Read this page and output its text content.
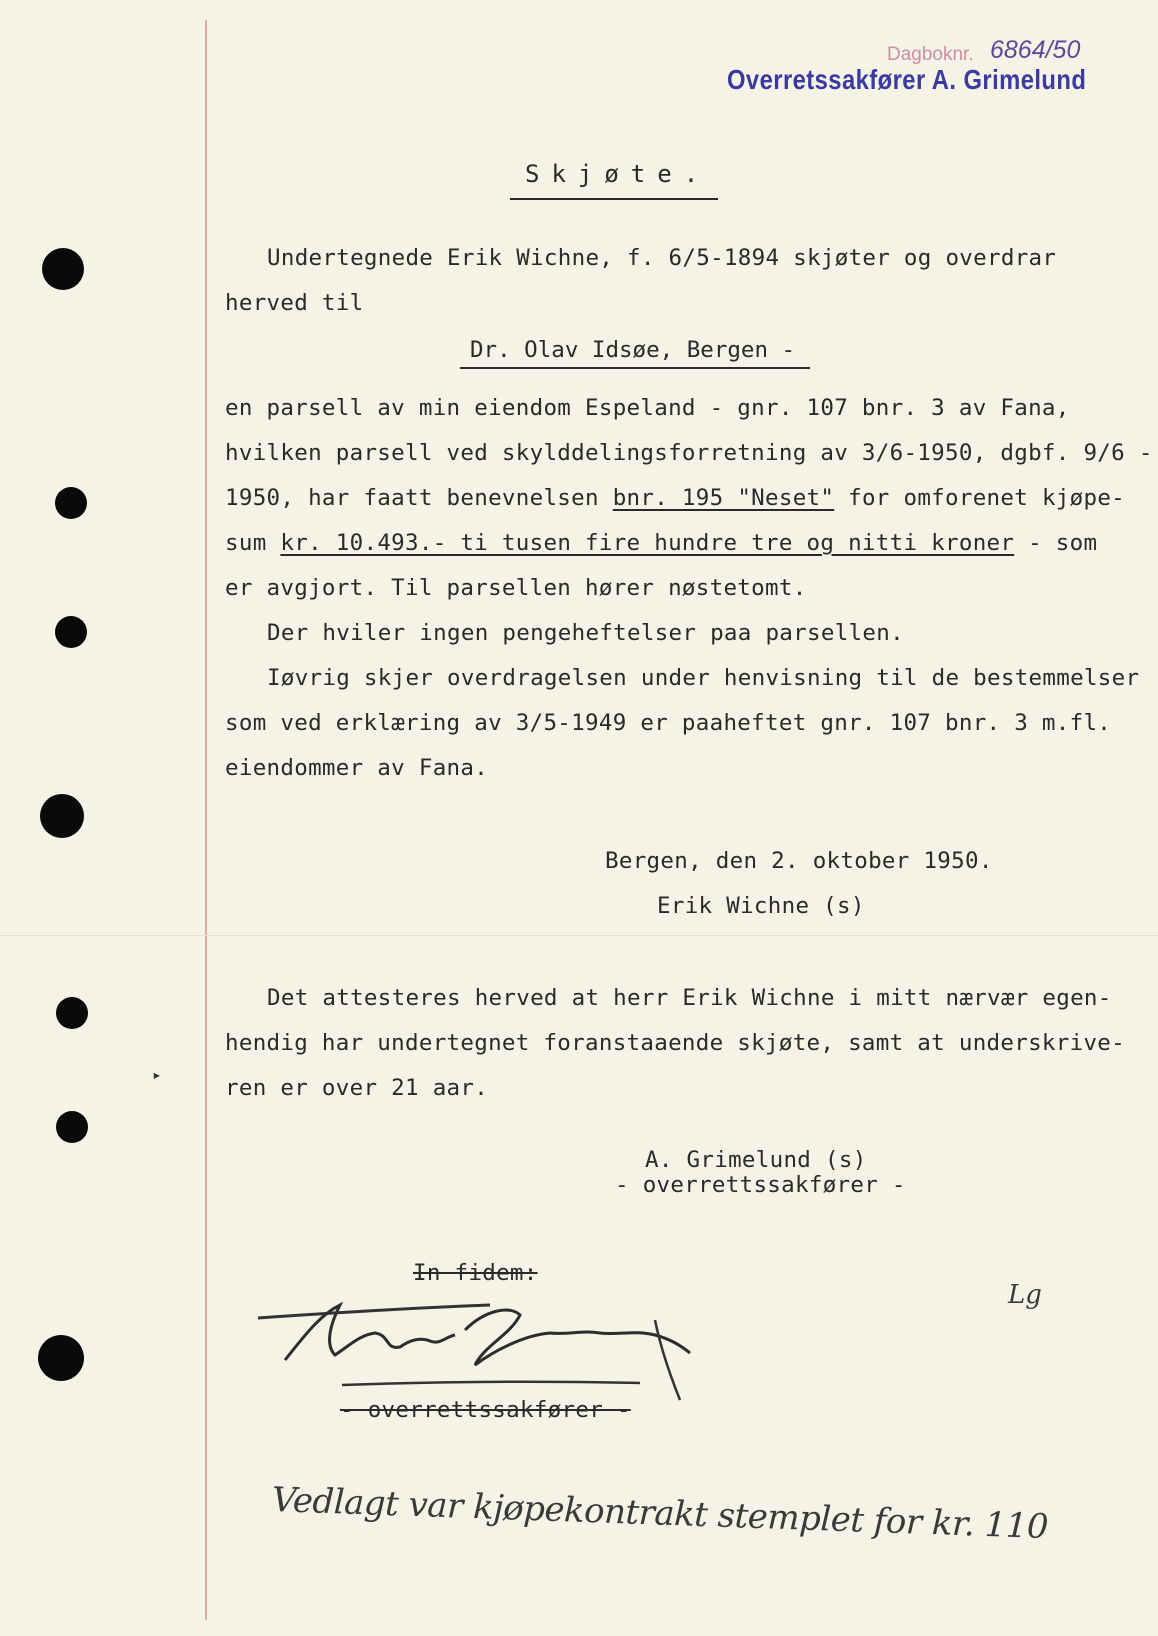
▸
Dagboknr. 6864/50
Overretssakfører A. Grimelund
Skjøte.
Undertegnede Erik Wichne, f. 6/5-1894 skjøter og overdrar
herved til
Dr. Olav Idsøe, Bergen -
en parsell av min eiendom Espeland - gnr. 107 bnr. 3 av Fana,
hvilken parsell ved skylddelingsforretning av 3/6-1950, dgbf. 9/6 -
1950, har faatt benevnelsen bnr. 195 "Neset" for omforenet kjøpe-
sum kr. 10.493.- ti tusen fire hundre tre og nitti kroner - som
er avgjort. Til parsellen hører nøstetomt.
Der hviler ingen pengeheftelser paa parsellen.
Iøvrig skjer overdragelsen under henvisning til de bestemmelser
som ved erklæring av 3/5-1949 er paaheftet gnr. 107 bnr. 3 m.fl.
eiendommer av Fana.
Bergen, den 2. oktober 1950.
Erik Wichne (s)
Det attesteres herved at herr Erik Wichne i mitt nærvær egen-
hendig har undertegnet foranstaaende skjøte, samt at underskrive-
ren er over 21 aar.
A. Grimelund (s)
- overrettssakfører -
In fidem:
- overrettssakfører -
Lg
Vedlagt var kjøpekontrakt stemplet for kr. 110
